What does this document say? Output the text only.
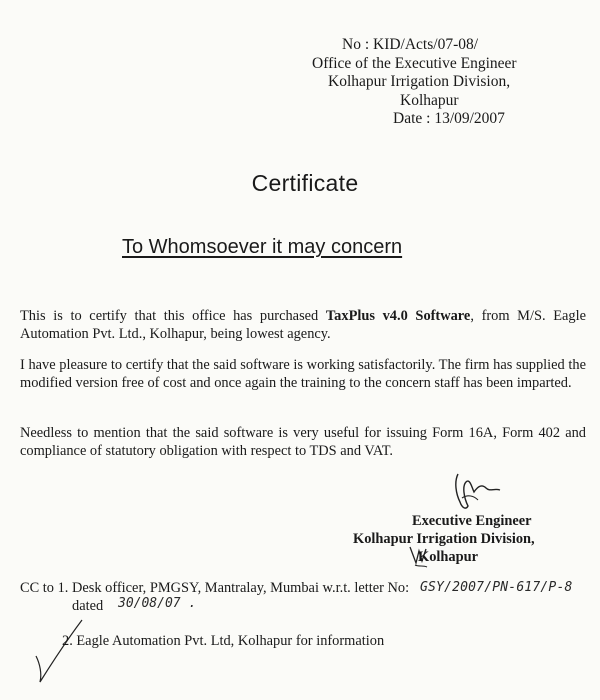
No : KID/Acts/07-08/
Office of the Executive Engineer
Kolhapur Irrigation Division,
Kolhapur
Date : 13/09/2007
Certificate
To Whomsoever it may concern
This is to certify that this office has purchased TaxPlus v4.0 Software, from M/S. Eagle Automation Pvt. Ltd., Kolhapur, being lowest agency.
I have pleasure to certify that the said software is working satisfactorily. The firm has supplied the modified version free of cost and once again the training to the concern staff has been imparted.
Needless to mention that the said software is very useful for issuing Form 16A, Form 402 and compliance of statutory obligation with respect to TDS and VAT.
Executive Engineer
Kolhapur Irrigation Division,
Kolhapur
CC to 1. Desk officer, PMGSY, Mantralay, Mumbai w.r.t. letter No: GSY/2007/PN-617/P-8
dated 30/08/07 .
2. Eagle Automation Pvt. Ltd, Kolhapur for information
